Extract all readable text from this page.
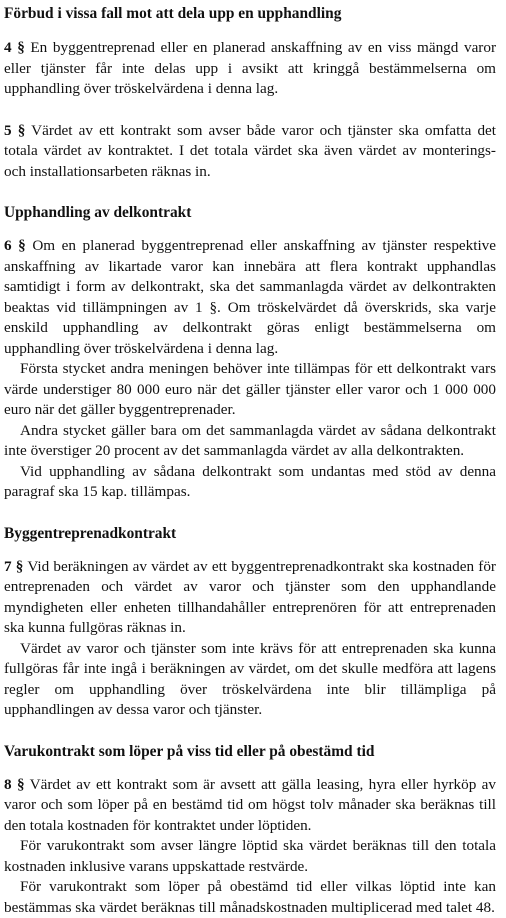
Förbud i vissa fall mot att dela upp en upphandling

4 § En byggentreprenad eller en planerad anskaffning av en viss mängd varor eller tjänster får inte delas upp i avsikt att kringgå bestämmelserna om upphandling över tröskelvärdena i denna lag.

5 § Värdet av ett kontrakt som avser både varor och tjänster ska omfatta det totala värdet av kontraktet. I det totala värdet ska även värdet av monterings- och installationsarbeten räknas in.

Upphandling av delkontrakt

6 § Om en planerad byggentreprenad eller anskaffning av tjänster respektive anskaffning av likartade varor kan innebära att flera kontrakt upphandlas samtidigt i form av delkontrakt, ska det sammanlagda värdet av delkontrakten beaktas vid tillämpningen av 1 §. Om tröskelvärdet då överskrids, ska varje enskild upphandling av delkontrakt göras enligt bestämmelserna om upphandling över tröskelvärdena i denna lag.

Första stycket andra meningen behöver inte tillämpas för ett delkontrakt vars värde understiger 80 000 euro när det gäller tjänster eller varor och 1 000 000 euro när det gäller byggentreprenader.

Andra stycket gäller bara om det sammanlagda värdet av sådana delkontrakt inte överstiger 20 procent av det sammanlagda värdet av alla delkontrakten.

Vid upphandling av sådana delkontrakt som undantas med stöd av denna paragraf ska 15 kap. tillämpas.

Byggentreprenadkontrakt

7 § Vid beräkningen av värdet av ett byggentreprenadkontrakt ska kostnaden för entreprenaden och värdet av varor och tjänster som den upphandlande myndigheten eller enheten tillhandahåller entreprenören för att entreprenaden ska kunna fullgöras räknas in.

Värdet av varor och tjänster som inte krävs för att entreprenaden ska kunna fullgöras får inte ingå i beräkningen av värdet, om det skulle medföra att lagens regler om upphandling över tröskelvärdena inte blir tillämpliga på upphandlingen av dessa varor och tjänster.

Varukontrakt som löper på viss tid eller på obestämd tid

8 § Värdet av ett kontrakt som är avsett att gälla leasing, hyra eller hyrköp av varor och som löper på en bestämd tid om högst tolv månader ska beräknas till den totala kostnaden för kontraktet under löptiden.

För varukontrakt som avser längre löptid ska värdet beräknas till den totala kostnaden inklusive varans uppskattade restvärde.

För varukontrakt som löper på obestämd tid eller vilkas löptid inte kan bestämmas ska värdet beräknas till månadskostnaden multiplicerad med talet 48.
